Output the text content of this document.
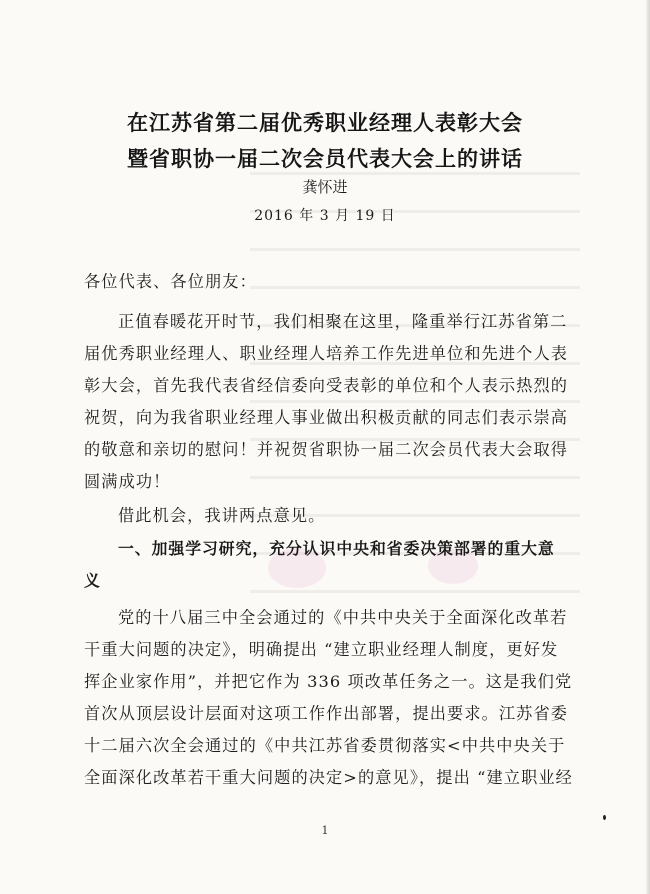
在江苏省第二届优秀职业经理人表彰大会
暨省职协一届二次会员代表大会上的讲话
龚怀进
2016 年 3 月 19 日
各位代表、各位朋友：
正值春暖花开时节，我们相聚在这里，隆重举行江苏省第二
届优秀职业经理人、职业经理人培养工作先进单位和先进个人表
彰大会，首先我代表省经信委向受表彰的单位和个人表示热烈的
祝贺，向为我省职业经理人事业做出积极贡献的同志们表示崇高
的敬意和亲切的慰问！并祝贺省职协一届二次会员代表大会取得
圆满成功！
借此机会，我讲两点意见。
一、加强学习研究，充分认识中央和省委决策部署的重大意
义
党的十八届三中全会通过的《中共中央关于全面深化改革若
干重大问题的决定》，明确提出 “建立职业经理人制度，更好发
挥企业家作用”，并把它作为 336 项改革任务之一。这是我们党
首次从顶层设计层面对这项工作作出部署，提出要求。江苏省委
十二届六次全会通过的《中共江苏省委贯彻落实<中共中央关于
全面深化改革若干重大问题的决定>的意见》，提出 “建立职业经
1
